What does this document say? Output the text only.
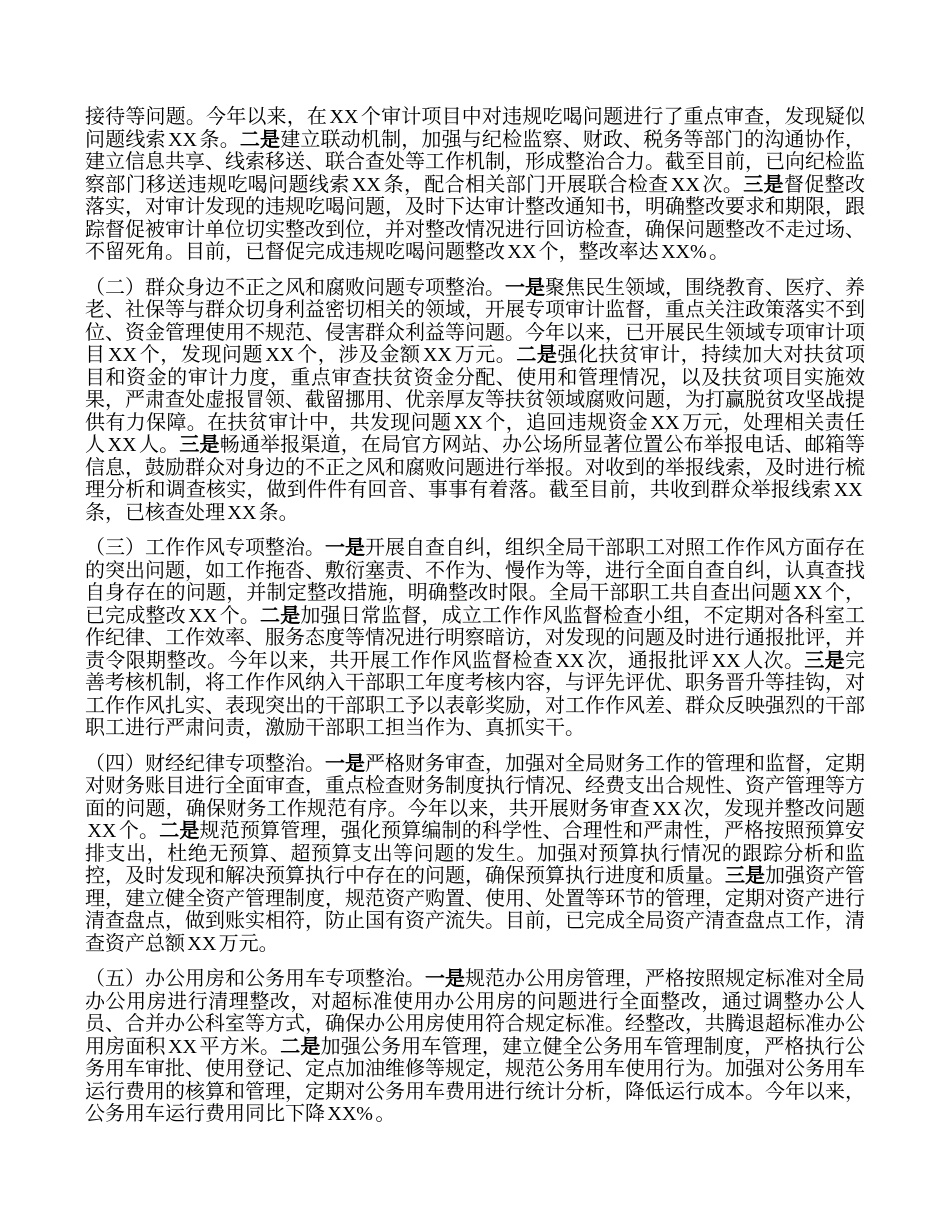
接待等问题。今年以来，在 XX 个审计项目中对违规吃喝问题进行了重点审查，发现疑似问题线索 XX 条。二是建立联动机制，加强与纪检监察、财政、税务等部门的沟通协作，建立信息共享、线索移送、联合查处等工作机制，形成整治合力。截至目前，已向纪检监察部门移送违规吃喝问题线索 XX 条，配合相关部门开展联合检查 XX 次。三是督促整改落实，对审计发现的违规吃喝问题，及时下达审计整改通知书，明确整改要求和期限，跟踪督促被审计单位切实整改到位，并对整改情况进行回访检查，确保问题整改不走过场、不留死角。目前，已督促完成违规吃喝问题整改 XX 个，整改率达 XX% 。

（二）群众身边不正之风和腐败问题专项整治。一是聚焦民生领域，围绕教育、医疗、养老、社保等与群众切身利益密切相关的领域，开展专项审计监督，重点关注政策落实不到位、资金管理使用不规范、侵害群众利益等问题。今年以来，已开展民生领域专项审计项目 XX 个，发现问题 XX 个，涉及金额 XX 万元。二是强化扶贫审计，持续加大对扶贫项目和资金的审计力度，重点审查扶贫资金分配、使用和管理情况，以及扶贫项目实施效果，严肃查处虚报冒领、截留挪用、优亲厚友等扶贫领域腐败问题，为打赢脱贫攻坚战提供有力保障。在扶贫审计中，共发现问题 XX 个，追回违规资金 XX 万元，处理相关责任人 XX 人。三是畅通举报渠道，在局官方网站、办公场所显著位置公布举报电话、邮箱等信息，鼓励群众对身边的不正之风和腐败问题进行举报。对收到的举报线索，及时进行梳理分析和调查核实，做到件件有回音、事事有着落。截至目前，共收到群众举报线索 XX条，已核查处理 XX 条。

（三）工作作风专项整治。一是开展自查自纠，组织全局干部职工对照工作作风方面存在的突出问题，如工作拖沓、敷衍塞责、不作为、慢作为等，进行全面自查自纠，认真查找自身存在的问题，并制定整改措施，明确整改时限。全局干部职工共自查出问题 XX 个，已完成整改 XX 个。二是加强日常监督，成立工作作风监督检查小组，不定期对各科室工作纪律、工作效率、服务态度等情况进行明察暗访，对发现的问题及时进行通报批评，并责令限期整改。今年以来，共开展工作作风监督检查 XX 次，通报批评 XX 人次。三是完善考核机制，将工作作风纳入干部职工年度考核内容，与评先评优、职务晋升等挂钩，对工作作风扎实、表现突出的干部职工予以表彰奖励，对工作作风差、群众反映强烈的干部职工进行严肃问责，激励干部职工担当作为、真抓实干。

（四）财经纪律专项整治。一是严格财务审查，加强对全局财务工作的管理和监督，定期对财务账目进行全面审查，重点检查财务制度执行情况、经费支出合规性、资产管理等方面的问题，确保财务工作规范有序。今年以来，共开展财务审查 XX 次，发现并整改问题XX 个。二是规范预算管理，强化预算编制的科学性、合理性和严肃性，严格按照预算安排支出，杜绝无预算、超预算支出等问题的发生。加强对预算执行情况的跟踪分析和监控，及时发现和解决预算执行中存在的问题，确保预算执行进度和质量。三是加强资产管理，建立健全资产管理制度，规范资产购置、使用、处置等环节的管理，定期对资产进行清查盘点，做到账实相符，防止国有资产流失。目前，已完成全局资产清查盘点工作，清查资产总额 XX 万元。

（五）办公用房和公务用车专项整治。一是规范办公用房管理，严格按照规定标准对全局办公用房进行清理整改，对超标准使用办公用房的问题进行全面整改，通过调整办公人员、合并办公科室等方式，确保办公用房使用符合规定标准。经整改，共腾退超标准办公用房面积 XX 平方米。二是加强公务用车管理，建立健全公务用车管理制度，严格执行公务用车审批、使用登记、定点加油维修等规定，规范公务用车使用行为。加强对公务用车运行费用的核算和管理，定期对公务用车费用进行统计分析，降低运行成本。今年以来，公务用车运行费用同比下降 XX% 。
